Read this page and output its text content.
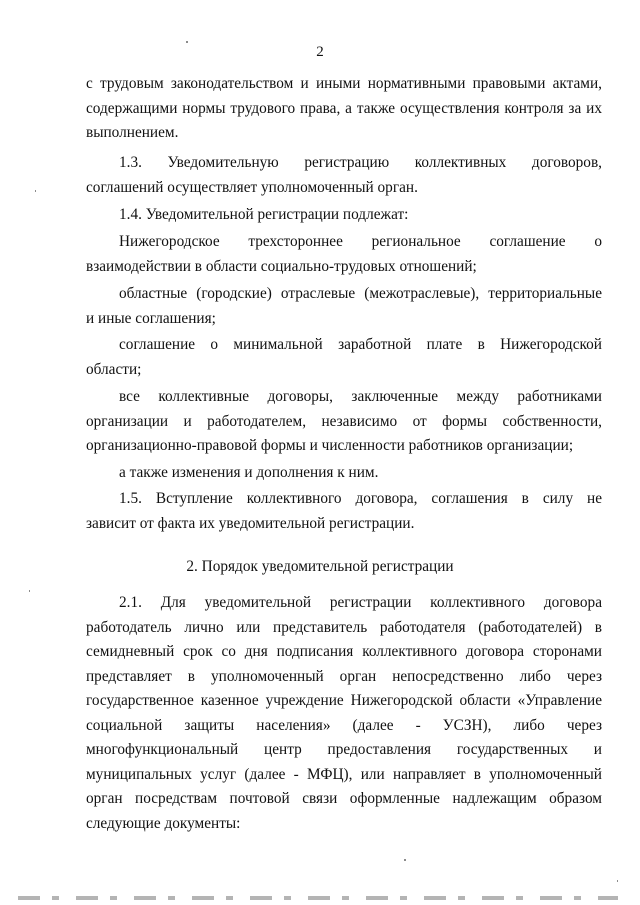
2
с трудовым законодательством и иными нормативными правовыми актами,
содержащими нормы трудового права, а также осуществления контроля за их
выполнением.
1.3. Уведомительную регистрацию коллективных договоров,
соглашений осуществляет уполномоченный орган.
1.4. Уведомительной регистрации подлежат:
Нижегородское трехстороннее региональное соглашение о
взаимодействии в области социально-трудовых отношений;
областные (городские) отраслевые (межотраслевые), территориальные
и иные соглашения;
соглашение о минимальной заработной плате в Нижегородской
области;
все коллективные договоры, заключенные между работниками
организации и работодателем, независимо от формы собственности,
организационно-правовой формы и численности работников организации;
а также изменения и дополнения к ним.
1.5. Вступление коллективного договора, соглашения в силу не
зависит от факта их уведомительной регистрации.
2. Порядок уведомительной регистрации
2.1. Для уведомительной регистрации коллективного договора
работодатель лично или представитель работодателя (работодателей) в
семидневный срок со дня подписания коллективного договора сторонами
представляет в уполномоченный орган непосредственно либо через
государственное казенное учреждение Нижегородской области «Управление
социальной защиты населения» (далее - УСЗН), либо через
многофункциональный центр предоставления государственных и
муниципальных услуг (далее - МФЦ), или направляет в уполномоченный
орган посредствам почтовой связи оформленные надлежащим образом
следующие документы:
